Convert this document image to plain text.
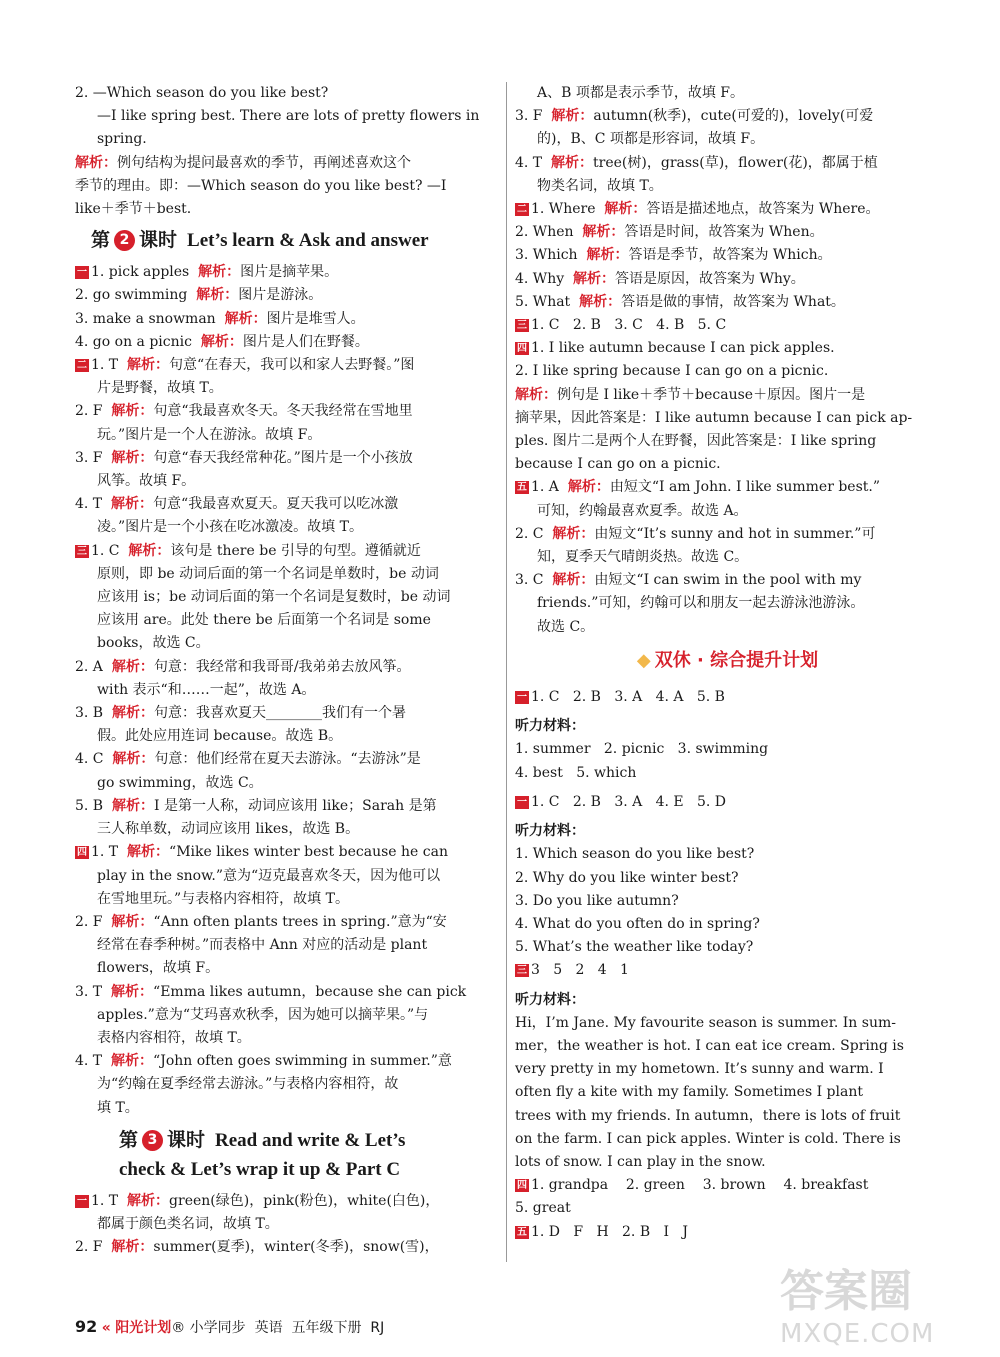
2. —Which season do you like best?
—I like spring best. There are lots of pretty flowers in
spring.
解析：例句结构为提问最喜欢的季节，再阐述喜欢这个
季节的理由。即：—Which season do you like best? —I
like＋季节＋best.
第 2 课时 Let’s learn & Ask and answer
一 1. pick apples  解析：图片是摘苹果。
2. go swimming  解析：图片是游泳。
3. make a snowman  解析：图片是堆雪人。
4. go on a picnic  解析：图片是人们在野餐。
二 1. T  解析：句意“在春天，我可以和家人去野餐。”图
片是野餐，故填 T。
2. F  解析：句意“我最喜欢冬天。冬天我经常在雪地里
玩。”图片是一个人在游泳。故填 F。
3. F  解析：句意“春天我经常种花。”图片是一个小孩放
风筝。故填 F。
4. T  解析：句意“我最喜欢夏天。夏天我可以吃冰激
凌。”图片是一个小孩在吃冰激凌。故填 T。
三 1. C  解析：该句是 there be 引导的句型。遵循就近
原则，即 be 动词后面的第一个名词是单数时，be 动词
应该用 is；be 动词后面的第一个名词是复数时，be 动词
应该用 are。此处 there be 后面第一个名词是 some
books，故选 C。
2. A  解析：句意：我经常和我哥哥/我弟弟去放风筝。
with 表示“和……一起”，故选 A。
3. B  解析：句意：我喜欢夏天________我们有一个暑
假。此处应用连词 because。故选 B。
4. C  解析：句意：他们经常在夏天去游泳。“去游泳”是
go swimming，故选 C。
5. B  解析：I 是第一人称，动词应该用 like；Sarah 是第
三人称单数，动词应该用 likes，故选 B。
四 1. T  解析：“Mike likes winter best because he can
play in the snow.”意为“迈克最喜欢冬天，因为他可以
在雪地里玩。”与表格内容相符，故填 T。
2. F  解析：“Ann often plants trees in spring.”意为“安
经常在春季种树。”而表格中 Ann 对应的活动是 plant
flowers，故填 F。
3. T  解析：“Emma likes autumn，because she can pick
apples.”意为“艾玛喜欢秋季，因为她可以摘苹果。”与
表格内容相符，故填 T。
4. T  解析：“John often goes swimming in summer.”意
为“约翰在夏季经常去游泳。”与表格内容相符，故
填 T。
第 3 课时 Read and write & Let’s
check & Let’s wrap it up & Part C
一 1. T  解析：green(绿色)，pink(粉色)，white(白色)，
都属于颜色类名词，故填 T。
2. F  解析：summer(夏季)，winter(冬季)，snow(雪)，
A、B 项都是表示季节，故填 F。
3. F  解析：autumn(秋季)，cute(可爱的)，lovely(可爱
的)，B、C 项都是形容词，故填 F。
4. T  解析：tree(树)，grass(草)，flower(花)，都属于植
物类名词，故填 T。
二 1. Where  解析：答语是描述地点，故答案为 Where。
2. When  解析：答语是时间，故答案为 When。
3. Which  解析：答语是季节，故答案为 Which。
4. Why  解析：答语是原因，故答案为 Why。
5. What  解析：答语是做的事情，故答案为 What。
三 1. C   2. B   3. C   4. B   5. C
四 1. I like autumn because I can pick apples.
2. I like spring because I can go on a picnic.
解析：例句是 I like＋季节＋because＋原因。图片一是
摘苹果，因此答案是：I like autumn because I can pick ap-
ples. 图片二是两个人在野餐，因此答案是：I like spring
because I can go on a picnic.
五 1. A  解析：由短文“I am John. I like summer best.”
可知，约翰最喜欢夏季。故选 A。
2. C  解析：由短文“It’s sunny and hot in summer.”可
知，夏季天气晴朗炎热。故选 C。
3. C  解析：由短文“I can swim in the pool with my
friends.”可知，约翰可以和朋友一起去游泳池游泳。
故选 C。
◆ 双休 · 综合提升计划
一 1. C   2. B   3. A   4. A   5. B
听力材料：
1. summer   2. picnic   3. swimming
4. best   5. which
一 1. C   2. B   3. A   4. E   5. D
听力材料：
1. Which season do you like best?
2. Why do you like winter best?
3. Do you like autumn?
4. What do you often do in spring?
5. What’s the weather like today?
三 3   5   2   4   1
听力材料：
Hi，I’m Jane. My favourite season is summer. In sum-
mer，the weather is hot. I can eat ice cream. Spring is
very pretty in my hometown. It’s sunny and warm. I
often fly a kite with my family. Sometimes I plant
trees with my friends. In autumn，there is lots of fruit
on the farm. I can pick apples. Winter is cold. There is
lots of snow. I can play in the snow.
四 1. grandpa    2. green    3. brown    4. breakfast
5. great
五 1. D   F   H   2. B   I   J
92 « 阳光计划® 小学同步  英语  五年级下册  RJ
答案圈
MXQE.COM
